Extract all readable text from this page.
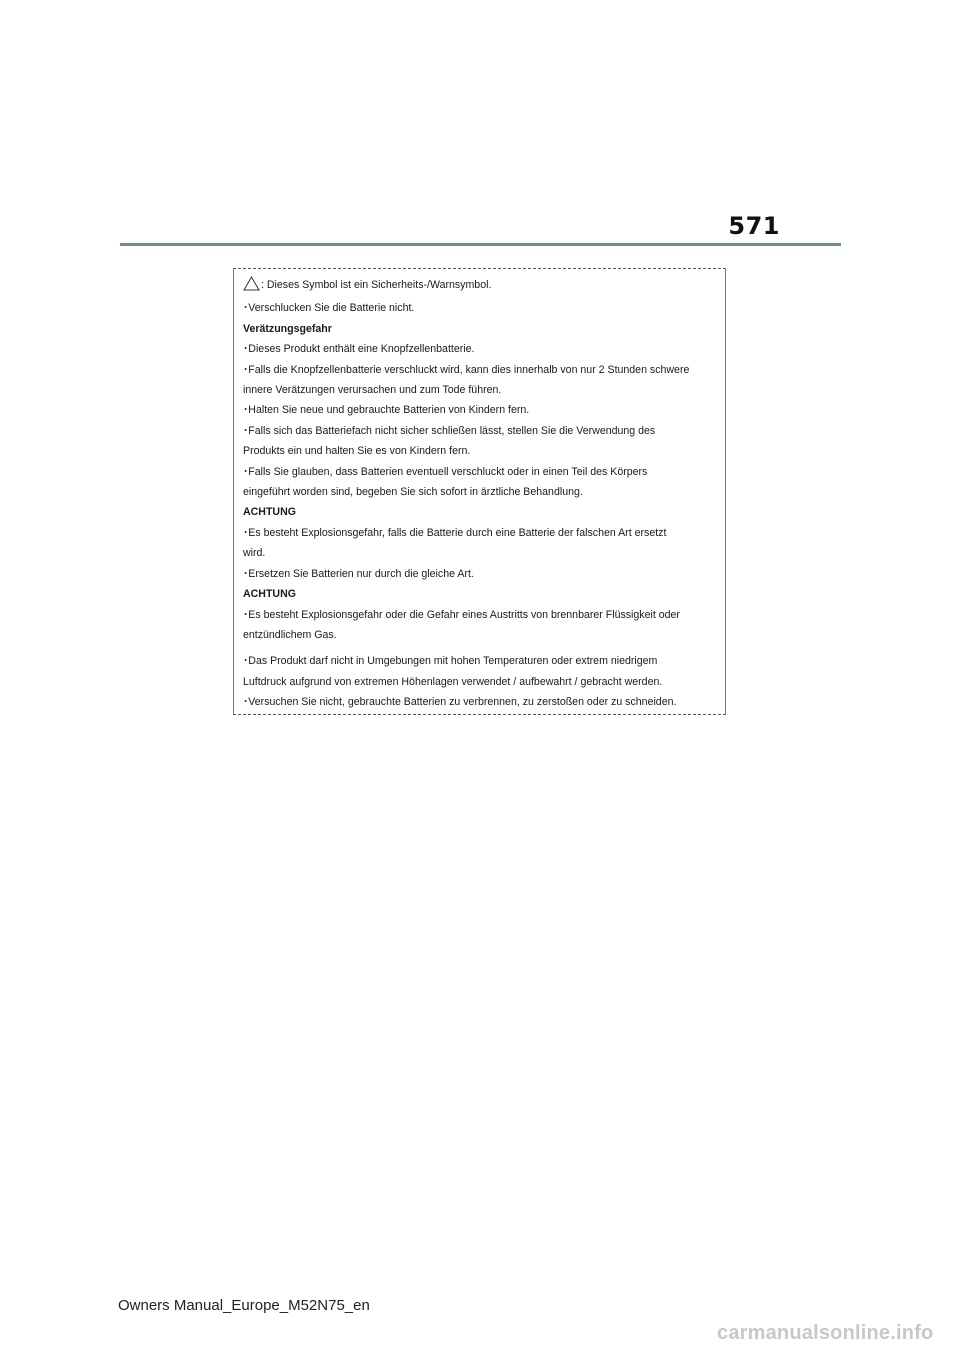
571
: Dieses Symbol ist ein Sicherheits-/Warnsymbol.
･Verschlucken Sie die Batterie nicht.
Verätzungsgefahr
･Dieses Produkt enthält eine Knopfzellenbatterie.
･Falls die Knopfzellenbatterie verschluckt wird, kann dies innerhalb von nur 2 Stunden schwere
innere Verätzungen verursachen und zum Tode führen.
･Halten Sie neue und gebrauchte Batterien von Kindern fern.
･Falls sich das Batteriefach nicht sicher schließen lässt, stellen Sie die Verwendung des
Produkts ein und halten Sie es von Kindern fern.
･Falls Sie glauben, dass Batterien eventuell verschluckt oder in einen Teil des Körpers
eingeführt worden sind, begeben Sie sich sofort in ärztliche Behandlung.
ACHTUNG
･Es besteht Explosionsgefahr, falls die Batterie durch eine Batterie der falschen Art ersetzt
wird.
･Ersetzen Sie Batterien nur durch die gleiche Art.
ACHTUNG
･Es besteht Explosionsgefahr oder die Gefahr eines Austritts von brennbarer Flüssigkeit oder
entzündlichem Gas.
･Das Produkt darf nicht in Umgebungen mit hohen Temperaturen oder extrem niedrigem
Luftdruck aufgrund von extremen Höhenlagen verwendet / aufbewahrt / gebracht werden.
･Versuchen Sie nicht, gebrauchte Batterien zu verbrennen, zu zerstoßen oder zu schneiden.
Owners Manual_Europe_M52N75_en
carmanualsonline.info
